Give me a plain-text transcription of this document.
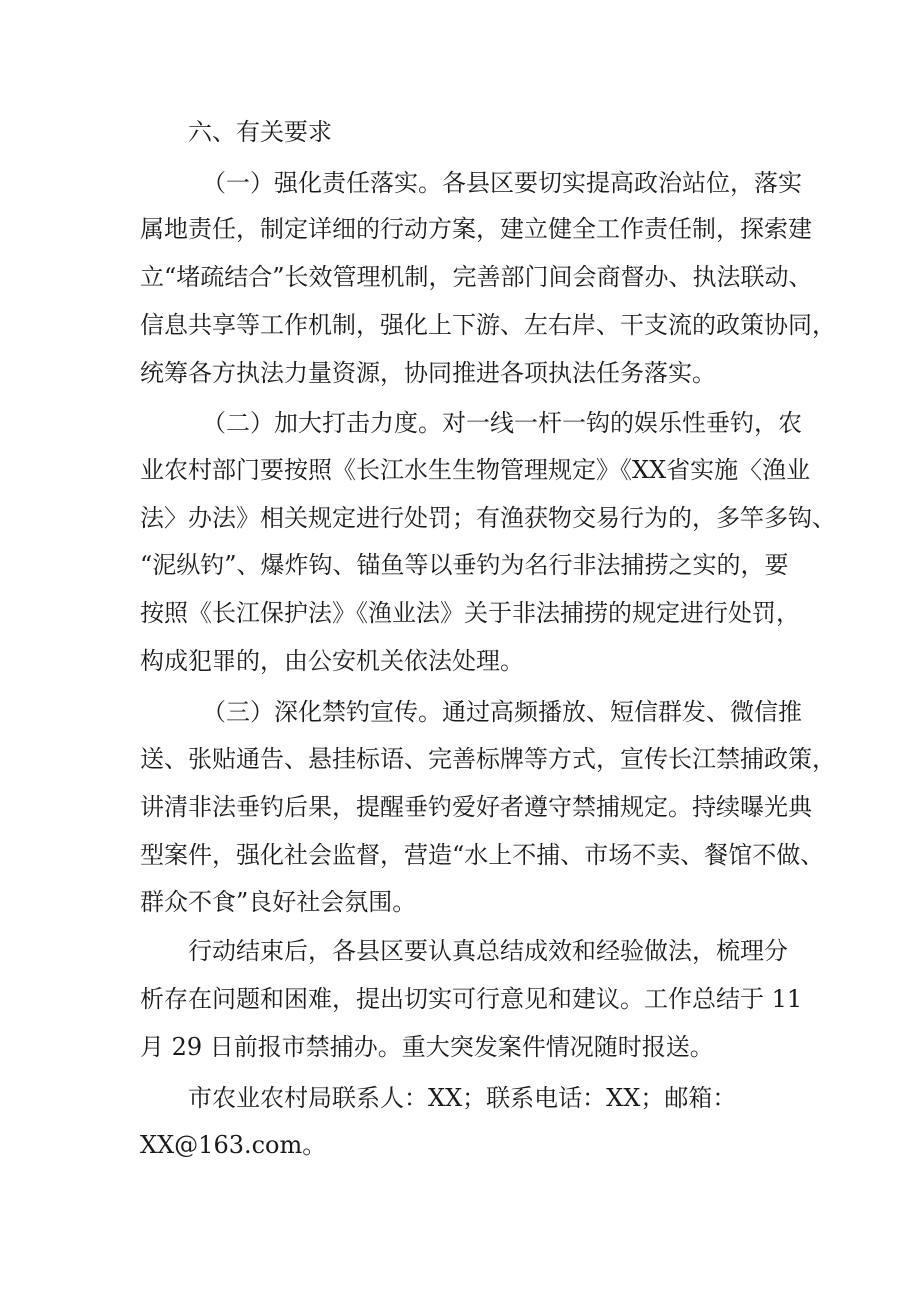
六、有关要求
（一）强化责任落实。各县区要切实提高政治站位，落实
属地责任，制定详细的行动方案，建立健全工作责任制，探索建
立“堵疏结合”长效管理机制，完善部门间会商督办、执法联动、
信息共享等工作机制，强化上下游、左右岸、干支流的政策协同，
统筹各方执法力量资源，协同推进各项执法任务落实。
（二）加大打击力度。对一线一杆一钩的娱乐性垂钓，农
业农村部门要按照《长江水生生物管理规定》《XX省实施〈渔业
法〉办法》相关规定进行处罚；有渔获物交易行为的，多竿多钩、
“泥纵钓”、爆炸钩、锚鱼等以垂钓为名行非法捕捞之实的，要
按照《长江保护法》《渔业法》关于非法捕捞的规定进行处罚，
构成犯罪的，由公安机关依法处理。
（三）深化禁钓宣传。通过高频播放、短信群发、微信推
送、张贴通告、悬挂标语、完善标牌等方式，宣传长江禁捕政策，
讲清非法垂钓后果，提醒垂钓爱好者遵守禁捕规定。持续曝光典
型案件，强化社会监督，营造“水上不捕、市场不卖、餐馆不做、
群众不食”良好社会氛围。
行动结束后，各县区要认真总结成效和经验做法，梳理分
析存在问题和困难，提出切实可行意见和建议。工作总结于 11
月 29 日前报市禁捕办。重大突发案件情况随时报送。
市农业农村局联系人：XX；联系电话：XX；邮箱：
XX@163.com。
